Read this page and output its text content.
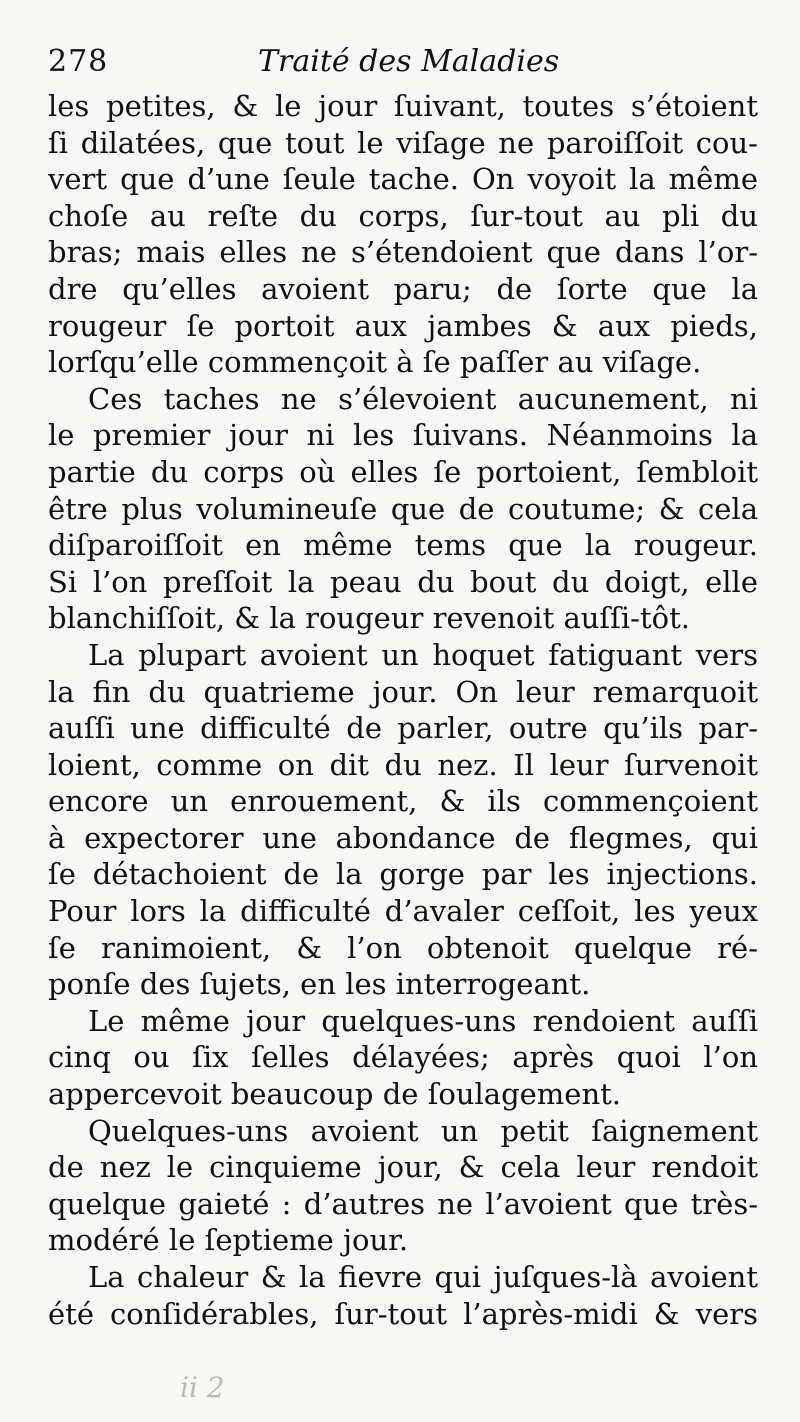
278	Traité des Maladies
les petites, & le jour ſuivant, toutes s’étoient
ſi dilatées, que tout le viſage ne paroiſſoit cou-
vert que d’une ſeule tache. On voyoit la même
choſe au reſte du corps, ſur-tout au pli du
bras; mais elles ne s’étendoient que dans l’or-
dre qu’elles avoient paru; de ſorte que la
rougeur ſe portoit aux jambes & aux pieds,
lorſqu’elle commençoit à ſe paſſer au viſage.
Ces taches ne s’élevoient aucunement, ni
le premier jour ni les ſuivans. Néanmoins la
partie du corps où elles ſe portoient, ſembloit
être plus volumineuſe que de coutume; & cela
diſparoiſſoit en même tems que la rougeur.
Si l’on preſſoit la peau du bout du doigt, elle
blanchiſſoit, & la rougeur revenoit auſſi-tôt.
La plupart avoient un hoquet fatiguant vers
la fin du quatrieme jour. On leur remarquoit
auſſi une difficulté de parler, outre qu’ils par-
loient, comme on dit du nez. Il leur ſurvenoit
encore un enrouement, & ils commençoient
à expectorer une abondance de flegmes, qui
ſe détachoient de la gorge par les injections.
Pour lors la difficulté d’avaler ceſſoit, les yeux
ſe ranimoient, & l’on obtenoit quelque ré-
ponſe des ſujets, en les interrogeant.
Le même jour quelques-uns rendoient auſſi
cinq ou ſix ſelles délayées; après quoi l’on
appercevoit beaucoup de ſoulagement.
Quelques-uns avoient un petit ſaignement
de nez le cinquieme jour, & cela leur rendoit
quelque gaieté : d’autres ne l’avoient que très-
modéré le ſeptieme jour.
La chaleur & la fievre qui juſques-là avoient
été conſidérables, ſur-tout l’après-midi & vers
ii 2
